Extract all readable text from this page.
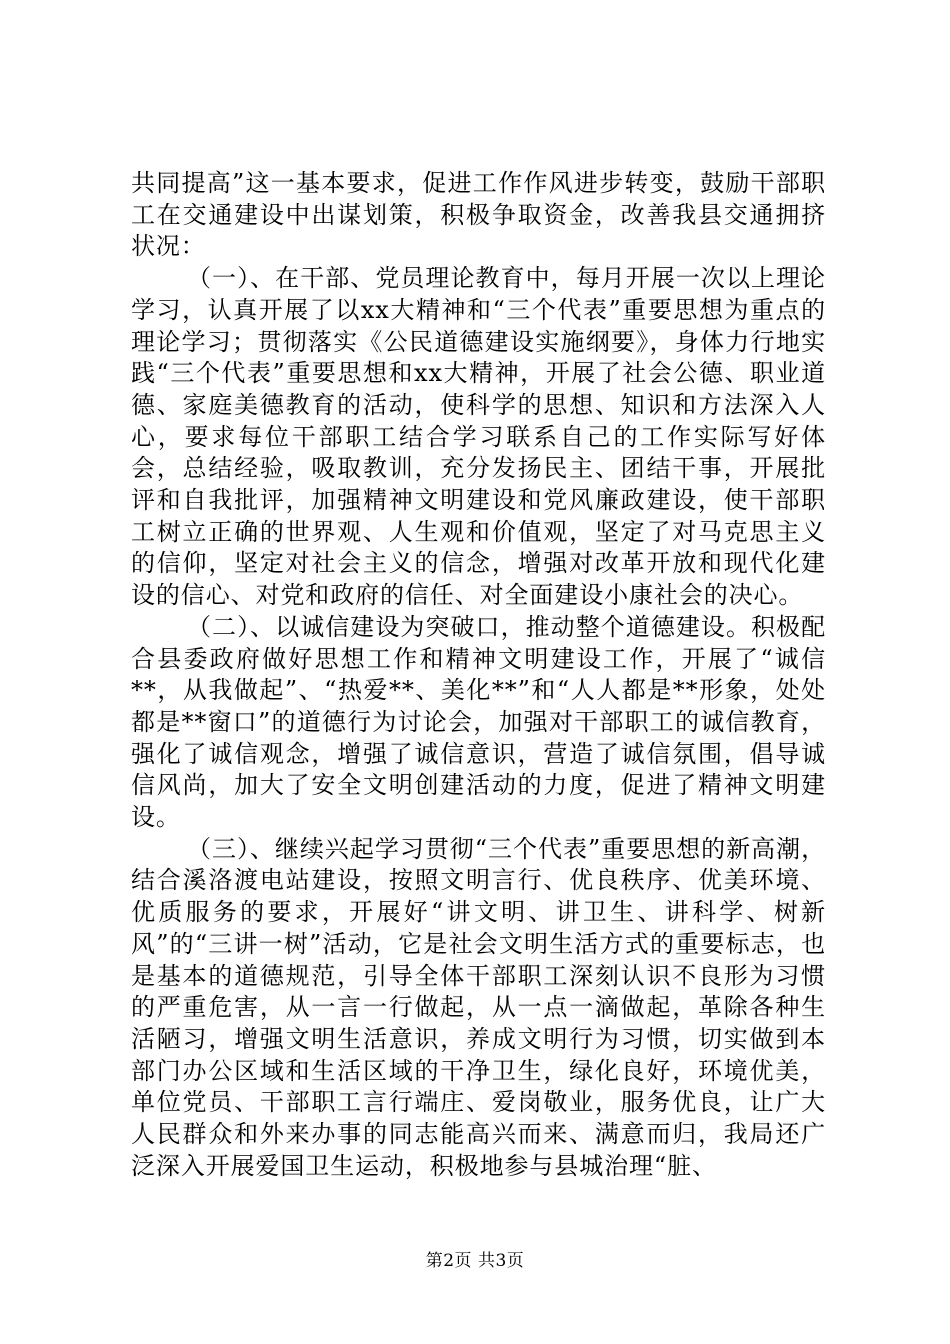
共同提高”这一基本要求，促进工作作风进步转变，鼓励干部职工在交通建设中出谋划策，积极争取资金，改善我县交通拥挤状况：

（一）、在干部、党员理论教育中，每月开展一次以上理论学习，认真开展了以xx大精神和“三个代表”重要思想为重点的理论学习；贯彻落实《公民道德建设实施纲要》，身体力行地实践“三个代表”重要思想和xx大精神，开展了社会公德、职业道德、家庭美德教育的活动，使科学的思想、知识和方法深入人心，要求每位干部职工结合学习联系自己的工作实际写好体会，总结经验，吸取教训，充分发扬民主、团结干事，开展批评和自我批评，加强精神文明建设和党风廉政建设，使干部职工树立正确的世界观、人生观和价值观，坚定了对马克思主义的信仰，坚定对社会主义的信念，增强对改革开放和现代化建设的信心、对党和政府的信任、对全面建设小康社会的决心。

（二）、以诚信建设为突破口，推动整个道德建设。积极配合县委政府做好思想工作和精神文明建设工作，开展了“诚信**，从我做起”、“热爱**、美化**”和“人人都是**形象，处处都是**窗口”的道德行为讨论会，加强对干部职工的诚信教育，强化了诚信观念，增强了诚信意识，营造了诚信氛围，倡导诚信风尚，加大了安全文明创建活动的力度，促进了精神文明建设。

（三）、继续兴起学习贯彻“三个代表”重要思想的新高潮，结合溪洛渡电站建设，按照文明言行、优良秩序、优美环境、优质服务的要求，开展好“讲文明、讲卫生、讲科学、树新风”的“三讲一树”活动，它是社会文明生活方式的重要标志，也是基本的道德规范，引导全体干部职工深刻认识不良形为习惯的严重危害，从一言一行做起，从一点一滴做起，革除各种生活陋习，增强文明生活意识，养成文明行为习惯，切实做到本部门办公区域和生活区域的干净卫生，绿化良好，环境优美，单位党员、干部职工言行端庄、爱岗敬业，服务优良，让广大人民群众和外来办事的同志能高兴而来、满意而归，我局还广泛深入开展爱国卫生运动，积极地参与县城治理“脏、

第2页 共3页
